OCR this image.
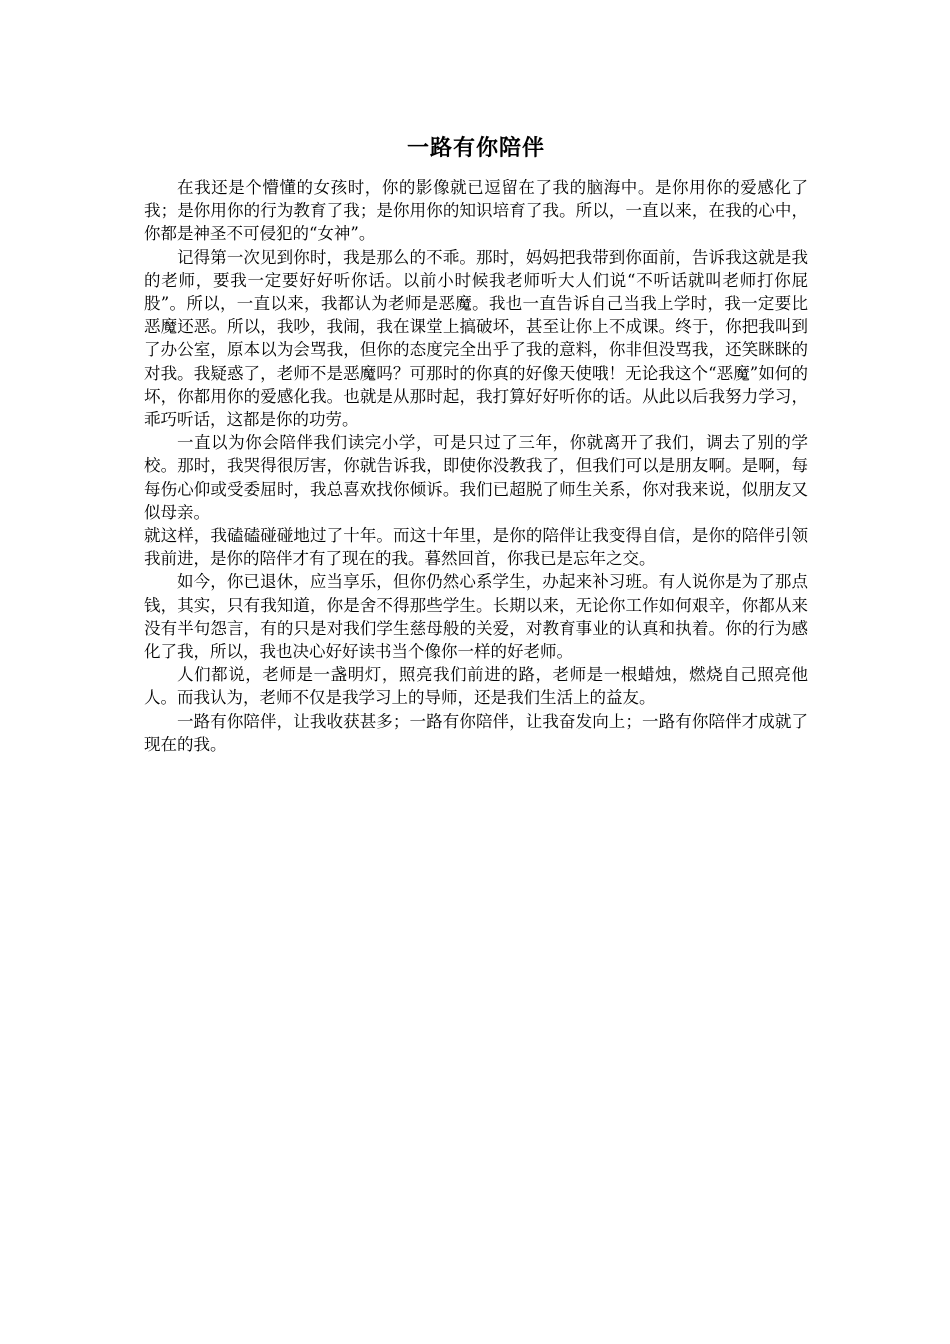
一路有你陪伴

在我还是个懵懂的女孩时，你的影像就已逗留在了我的脑海中。是你用你的爱感化了我；是你用你的行为教育了我；是你用你的知识培育了我。所以，一直以来，在我的心中，你都是神圣不可侵犯的“女神”。

记得第一次见到你时，我是那么的不乖。那时，妈妈把我带到你面前，告诉我这就是我的老师，要我一定要好好听你话。以前小时候我老师听大人们说“不听话就叫老师打你屁股”。所以，一直以来，我都认为老师是恶魔。我也一直告诉自己当我上学时，我一定要比恶魔还恶。所以，我吵，我闹，我在课堂上搞破坏，甚至让你上不成课。终于，你把我叫到了办公室，原本以为会骂我，但你的态度完全出乎了我的意料，你非但没骂我，还笑眯眯的对我。我疑惑了，老师不是恶魔吗？可那时的你真的好像天使哦！无论我这个“恶魔”如何的坏，你都用你的爱感化我。也就是从那时起，我打算好好听你的话。从此以后我努力学习，乖巧听话，这都是你的功劳。

一直以为你会陪伴我们读完小学，可是只过了三年，你就离开了我们，调去了别的学校。那时，我哭得很厉害，你就告诉我，即使你没教我了，但我们可以是朋友啊。是啊，每每伤心仰或受委屈时，我总喜欢找你倾诉。我们已超脱了师生关系，你对我来说，似朋友又似母亲。

就这样，我磕磕碰碰地过了十年。而这十年里，是你的陪伴让我变得自信，是你的陪伴引领我前进，是你的陪伴才有了现在的我。暮然回首，你我已是忘年之交。

如今，你已退休，应当享乐，但你仍然心系学生，办起来补习班。有人说你是为了那点钱，其实，只有我知道，你是舍不得那些学生。长期以来，无论你工作如何艰辛，你都从来没有半句怨言，有的只是对我们学生慈母般的关爱，对教育事业的认真和执着。你的行为感化了我，所以，我也决心好好读书当个像你一样的好老师。

人们都说，老师是一盏明灯，照亮我们前进的路，老师是一根蜡烛，燃烧自己照亮他人。而我认为，老师不仅是我学习上的导师，还是我们生活上的益友。

一路有你陪伴，让我收获甚多；一路有你陪伴，让我奋发向上；一路有你陪伴才成就了现在的我。
